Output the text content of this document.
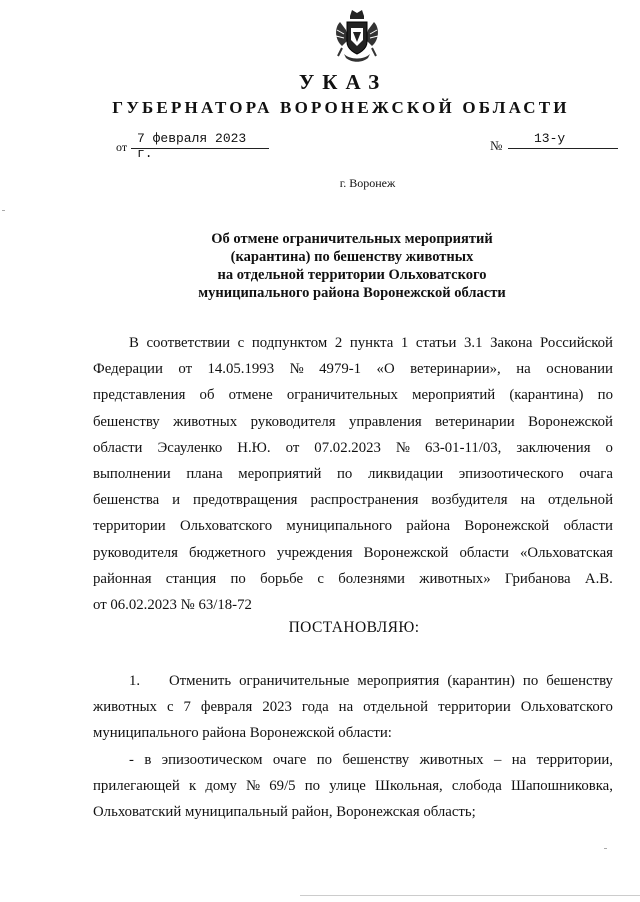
УКАЗ
ГУБЕРНАТОРА ВОРОНЕЖСКОЙ ОБЛАСТИ
от
7 февраля 2023 г.
№	13-у
г. Воронеж
Об отмене ограничительных мероприятий
(карантина) по бешенству животных
на отдельной территории Ольховатского
муниципального района Воронежской области
В соответствии с подпунктом 2 пункта 1 статьи 3.1 Закона Российской
Федерации от 14.05.1993 № 4979-1 «О ветеринарии», на основании
представления об отмене ограничительных мероприятий (карантина) по
бешенству животных руководителя управления ветеринарии Воронежской
области Эсауленко Н.Ю. от 07.02.2023 № 63-01-11/03, заключения о
выполнении плана мероприятий по ликвидации эпизоотического очага
бешенства и предотвращения распространения возбудителя на отдельной
территории Ольховатского муниципального района Воронежской области
руководителя бюджетного учреждения Воронежской области «Ольховатская
районная станция по борьбе с болезнями животных» Грибанова А.В.
от 06.02.2023 № 63/18-72
ПОСТАНОВЛЯЮ:
1.	Отменить ограничительные мероприятия (карантин) по бешенству
животных с 7 февраля 2023 года на отдельной территории Ольховатского
муниципального района Воронежской области:
- в эпизоотическом очаге по бешенству животных – на территории,
прилегающей к дому № 69/5 по улице Школьная, слобода Шапошниковка,
Ольховатский муниципальный район, Воронежская область;
